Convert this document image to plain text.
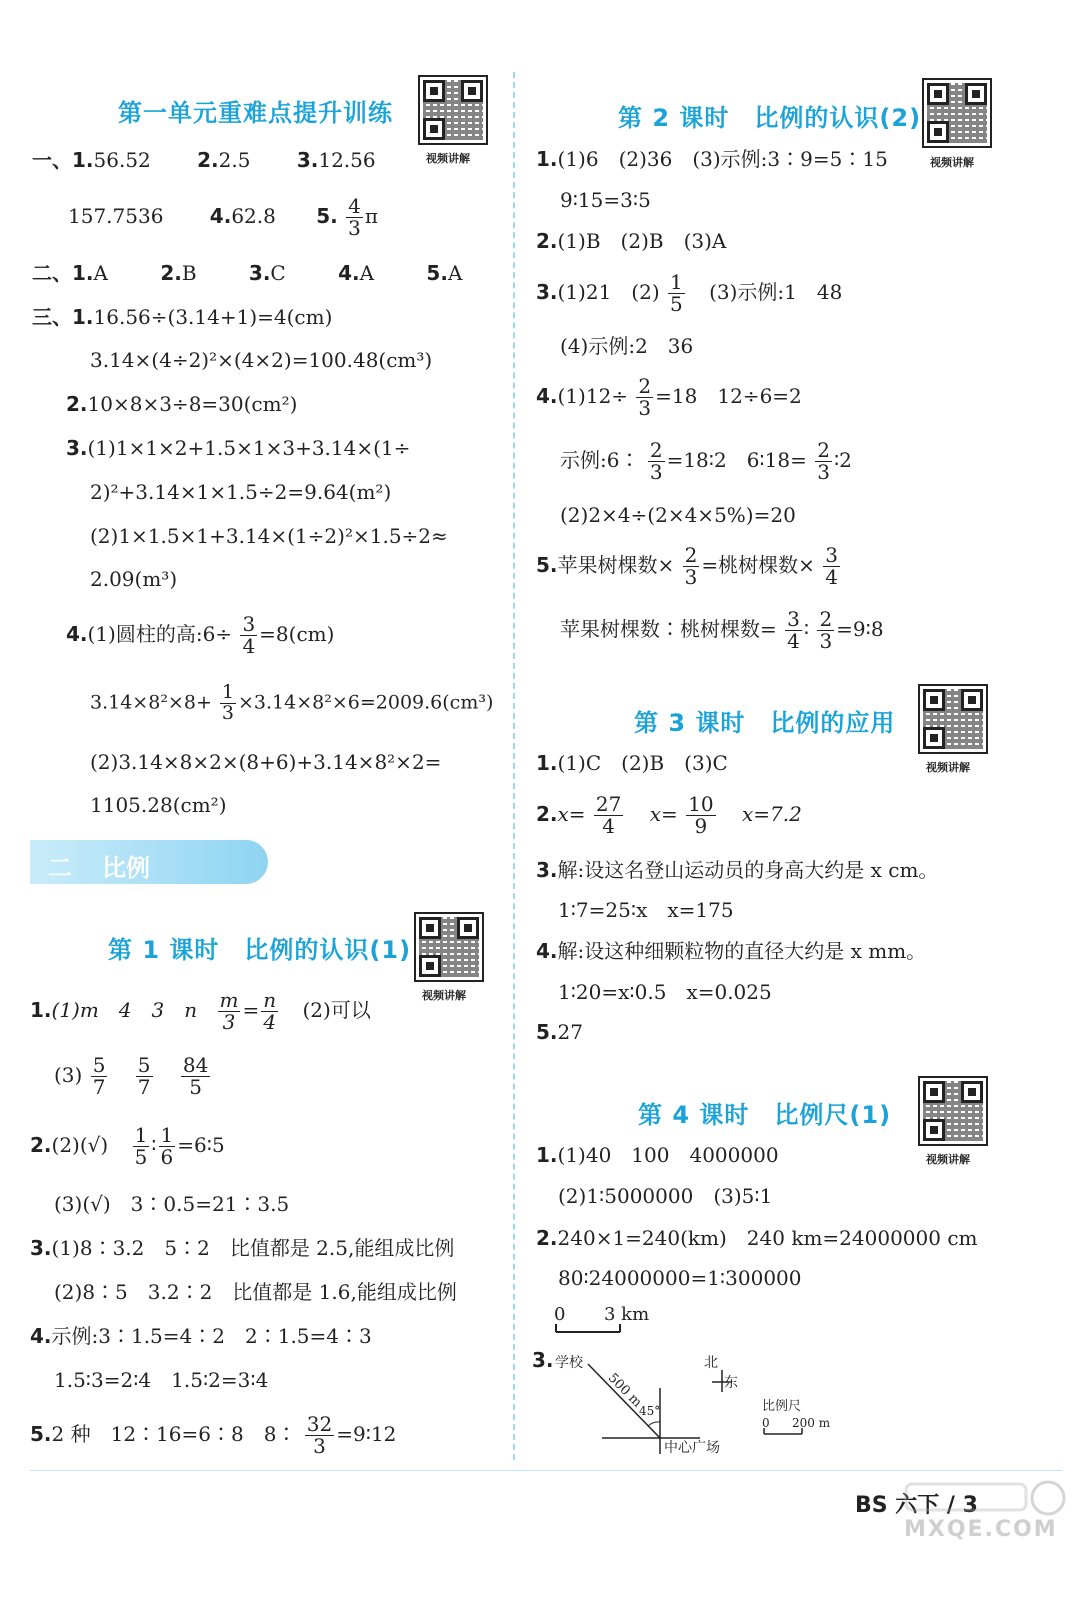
第一单元重难点提升训练
视频讲解
一、1.56.52 2.2.5 3.12.56
157.7536 4.62.8 5. $\frac{4}{3}$ π
二、1.A	2.B	3.C	4.A	5.A
三、1.16.56÷(3.14+1)=4(cm)
3.14×(4÷2)²×(4×2)=100.48(cm³)
2.10×8×3÷8=30(cm²)
3.(1)1×1×2+1.5×1×3+3.14×(1÷
2)²+3.14×1×1.5÷2=9.64(m²)
(2)1×1.5×1+3.14×(1÷2)²×1.5÷2≈
2.09(m³)
4.(1)圆柱的高:6÷ $\frac{3}{4} =8(cm)$
$3.14\times 8^2\times 8+ \frac{1}{3} \times 3.14\times 8^2\times 6=2009.6(cm^3)$
(2)3.14×8×2×(8+6)+3.14×8²×2=
1105.28(cm²)
二 比例
第 1 课时　比例的认识(1)
视频讲解
1.(1)m　4　3　n $\frac{m}{3} = \frac{n}{4} (2)$可以
$(3) \frac{5}{7}$
$\frac{5}{7}$
$\frac{84}{5}$
$2.(2)(√) \frac{1}{5}$ ∶ $\frac{1}{6}$ =6∶5
(3)(√)　3∶0.5=21∶3.5
3.(1)8∶3.2　5∶2　比值都是 2.5,能组成比例
(2)8∶5　3.2∶2　比值都是 1.6,能组成比例
4.示例:3∶1.5=4∶2　2∶1.5=4∶3
1.5∶3=2∶4　1.5∶2=3∶4
5.2 种　12∶16=6∶8　8∶ $\frac{32}{3}$ =9∶12
第 2 课时　比例的认识(2)
视频讲解
1.(1)6　(2)36　(3)示例:3∶9=5∶15
9∶15=3∶5
2.(1)B　(2)B　(3)A
3.(1)21　$(2) \frac{1}{5} (3)$示例:1　48
(4)示例:2　36
$4.(1)12\div \frac{2}{3} =18$　12÷6=2
示例:6∶ $\frac{2}{3}$ =18∶2　6∶18= $\frac{2}{3}$ ∶2
(2)2×4÷(2×4×5%)=20
5.苹果树棵数× $\frac{2}{3}$ =桃树棵数× $\frac{3}{4}$
苹果树棵数∶桃树棵数= $\frac{3}{4}$ ∶ $\frac{2}{3}$ =9∶8
第 3 课时　比例的应用
视频讲解
1.(1)C　(2)B　(3)C
$2.x= \frac{27}{4} x= \frac{10}{9} x=7.2$
3.解:设这名登山运动员的身高大约是 x cm。
1∶7=25∶x　x=175
4.解:设这种细颗粒物的直径大约是 x mm。
1∶20=x∶0.5　x=0.025
5.27
第 4 课时　比例尺(1)
视频讲解
1.(1)40　100　4000000
(2)1∶5000000　(3)5∶1
2.240×1=240(km)　240 km=24000000 cm
80∶24000000=1∶300000
0 3 km
3. 学校
500 m
45°
北
东
中心广场
比例尺
0 200 m
BS 六下 / 3
MXQE.COM
